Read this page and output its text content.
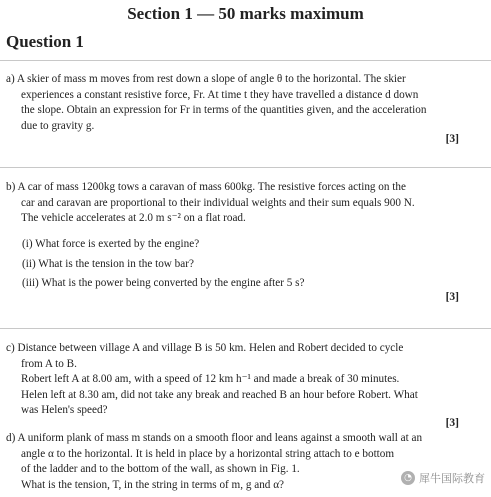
Section 1 — 50 marks maximum
Question 1

a) A skier of mass m moves from rest down a slope of angle θ to the horizontal. The skier

experiences a constant resistive force, Fr. At time t they have travelled a distance d down

the slope. Obtain an expression for Fr in terms of the quantities given, and the acceleration

due to gravity g.

[3]

b) A car of mass 1200kg tows a caravan of mass 600kg. The resistive forces acting on the

car and caravan are proportional to their individual weights and their sum equals 900 N.

The vehicle accelerates at 2.0 m s⁻² on a flat road.

(i) What force is exerted by the engine?

(ii) What is the tension in the tow bar?

(iii) What is the power being converted by the engine after 5 s?

[3]

c) Distance between village A and village B is 50 km. Helen and Robert decided to cycle

from A to B.

Robert left A at 8.00 am, with a speed of 12 km h⁻¹ and made a break of 30 minutes.

Helen left at 8.30 am, did not take any break and reached B an hour before Robert. What

was Helen's speed?

[3]

d) A uniform plank of mass m stands on a smooth floor and leans against a smooth wall at an

angle α to the horizontal. It is held in place by a horizontal string attach to e bottom

of the ladder and to the bottom of the wall, as shown in Fig. 1.

What is the tension, T, in the string in terms of m, g and α?

◔ 犀牛国际教育
